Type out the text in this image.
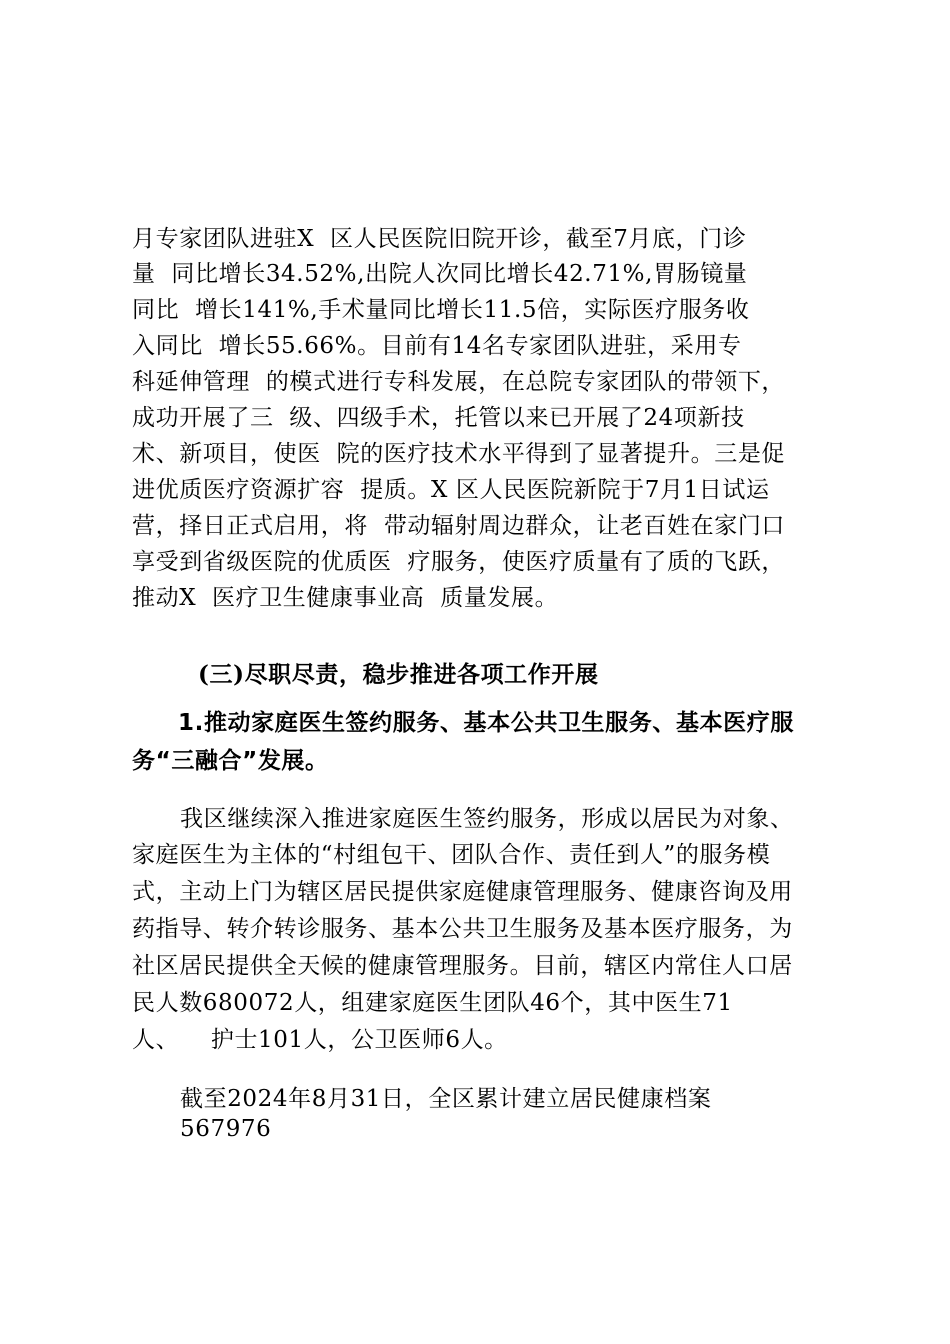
月专家团队进驻X  区人民医院旧院开诊，截至7月底，门诊
量  同比增长34.52%,出院人次同比增长42.71%,胃肠镜量
同比  增长141%,手术量同比增长11.5倍，实际医疗服务收
入同比  增长55.66%。目前有14名专家团队进驻，采用专
科延伸管理  的模式进行专科发展，在总院专家团队的带领下，
成功开展了三  级、四级手术，托管以来已开展了24项新技
术、新项目，使医  院的医疗技术水平得到了显著提升。三是促
进优质医疗资源扩容  提质。X 区人民医院新院于7月1日试运
营，择日正式启用，将  带动辐射周边群众，让老百姓在家门口
享受到省级医院的优质医  疗服务，使医疗质量有了质的飞跃，
推动X  医疗卫生健康事业高  质量发展。
(三)尽职尽责，稳步推进各项工作开展
1.推动家庭医生签约服务、基本公共卫生服务、基本医疗服
务“三融合”发展。
我区继续深入推进家庭医生签约服务，形成以居民为对象、
家庭医生为主体的“村组包干、团队合作、责任到人”的服务模
式，主动上门为辖区居民提供家庭健康管理服务、健康咨询及用
药指导、转介转诊服务、基本公共卫生服务及基本医疗服务，为
社区居民提供全天候的健康管理服务。目前，辖区内常住人口居
民人数680072人，组建家庭医生团队46个，其中医生71
人、    护士101人，公卫医师6人。
截至2024年8月31日，全区累计建立居民健康档案
567976
